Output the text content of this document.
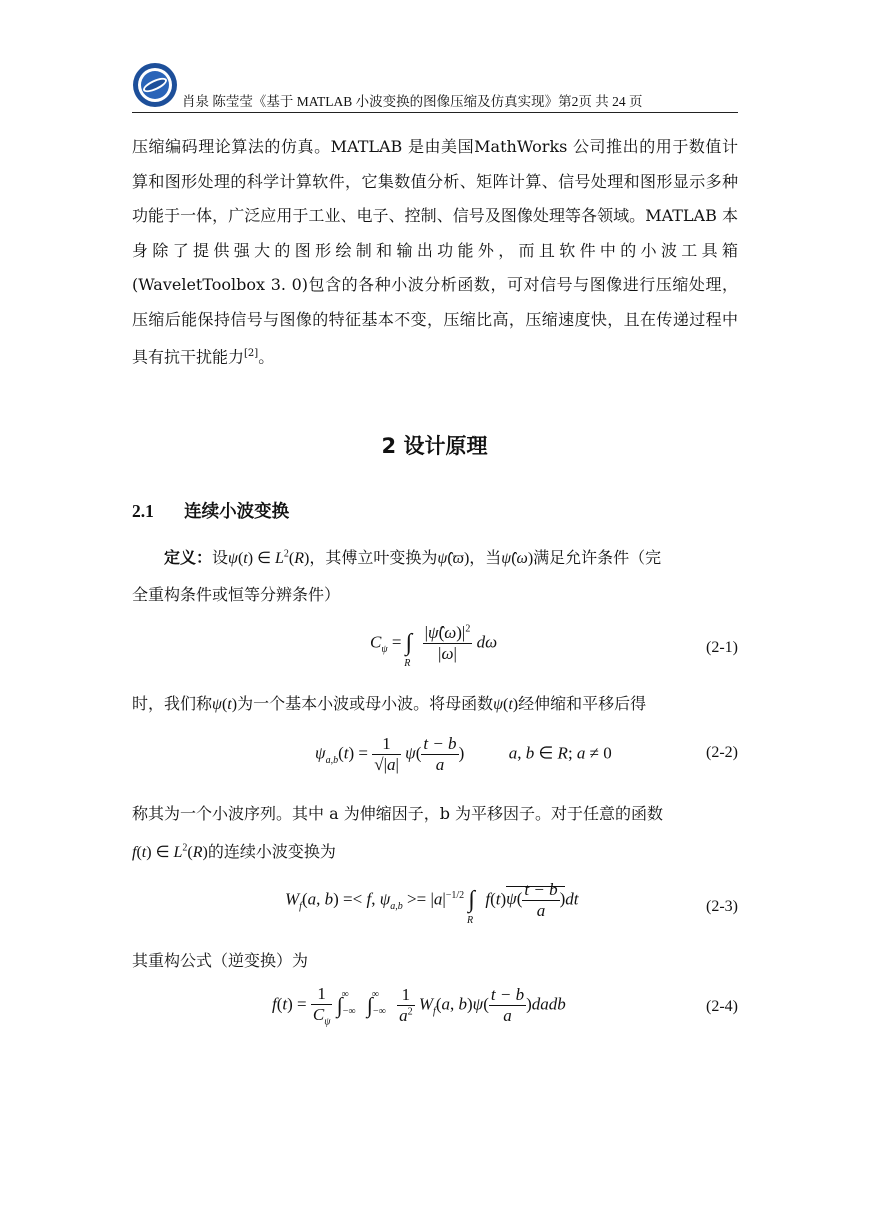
肖泉 陈莹莹《基于 MATLAB 小波变换的图像压缩及仿真实现》第2页 共 24 页

压缩编码理论算法的仿真。MATLAB 是由美国MathWorks 公司推出的用于数值计算和图形处理的科学计算软件，它集数值分析、矩阵计算、信号处理和图形显示多种功能于一体，广泛应用于工业、电子、控制、信号及图像处理等各领域。MATLAB 本身除了提供强大的图形绘制和输出功能外，而且软件中的小波工具箱(WaveletToolbox 3. 0)包含的各种小波分析函数，可对信号与图像进行压缩处理，压缩后能保持信号与图像的特征基本不变，压缩比高，压缩速度快，且在传递过程中具有抗干扰能力[2]。

2 设计原理
2.1 连续小波变换
定义：设ψ(t) ∈ $L^2(R)$，其傅立叶变换为ψ̂(ϖ)，当ψ̂(ω)满足允许条件（完
全重构条件或恒等分辨条件）
$C_\psi = \int_R \frac{|\psî(\omega)|^2}{|\omega|}$ dω	(2-1)
时，我们称ψ(t)为一个基本小波或母小波。将母函数ψ(t)经伸缩和平移后得
$\psi_{a,b}(t) = \frac{1}{√|a|} \psi( \frac{t - b}{a}$ )	a, b ∈ R; a ≠ 0	(2-2)
称其为一个小波序列。其中 a 为伸缩因子，b 为平移因子。对于任意的函数
f(t) ∈ $L^2(R)$的连续小波变换为
$W_f(a$, b) =< f, $\psi_{a,b} >= |a|^{-1/2}$ $\int_R$ $f(t)\psi( \frac{t - b}{a} )dt$	(2-3)
其重构公式（逆变换）为
$f(t) = \frac{1}{C_\psi} \int_{-\infty}^\infty$ $\int_{-\infty}^\infty \frac{1}{a^2} W_f(a$, $b)\psi( \frac{t - b}{a}$ )dadb	(2-4)
